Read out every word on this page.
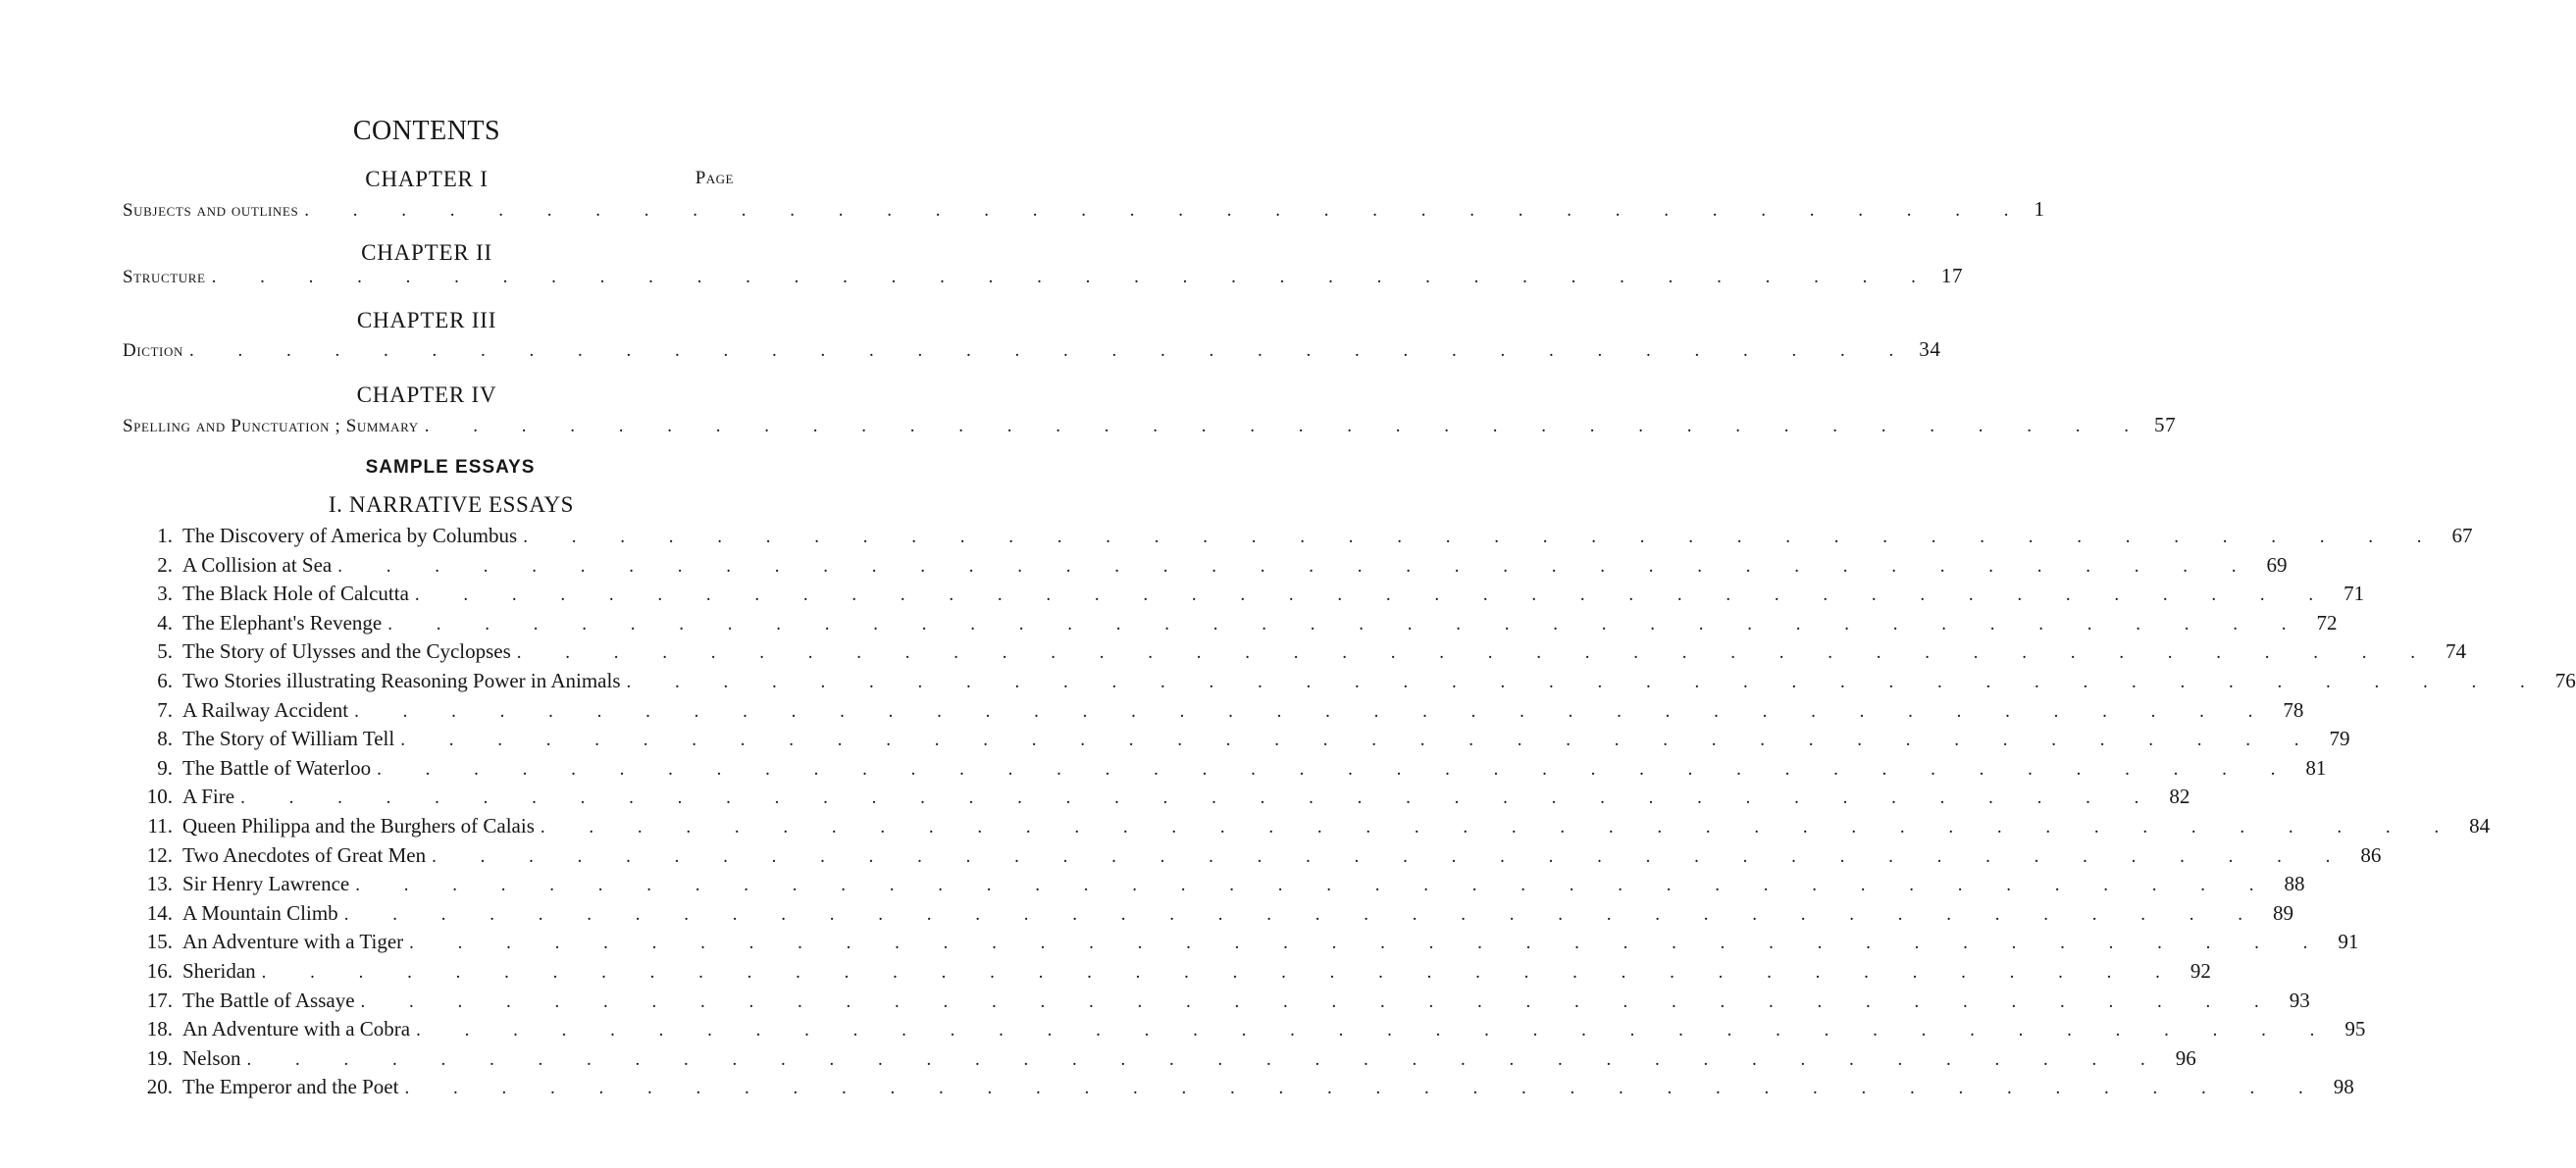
CONTENTS
CHAPTER I	Page
Subjects and outlines . . . . . . . . . . . . . . . . . . . . . . . . . . . . . . . . . . . . 1
CHAPTER II
Structure . . . . . . . . . . . . . . . . . . . . . . . . . . . . . . . . . . . . 17
CHAPTER III
Diction . . . . . . . . . . . . . . . . . . . . . . . . . . . . . . . . . . . . 34
CHAPTER IV
Spelling and Punctuation ; Summary . . . . . . . . . . . . . . . . . . . . . . . . . . . . . . . . . . . . 57
SAMPLE ESSAYS
I. NARRATIVE ESSAYS
1. The Discovery of America by Columbus . . . . . . . . . . . . . . . . . . . . . . . . . . . . . . . . . . . . . . . . 67
2. A Collision at Sea . . . . . . . . . . . . . . . . . . . . . . . . . . . . . . . . . . . . . . . . 69
3. The Black Hole of Calcutta . . . . . . . . . . . . . . . . . . . . . . . . . . . . . . . . . . . . . . . . 71
4. The Elephant's Revenge . . . . . . . . . . . . . . . . . . . . . . . . . . . . . . . . . . . . . . . . 72
5. The Story of Ulysses and the Cyclopses . . . . . . . . . . . . . . . . . . . . . . . . . . . . . . . . . . . . . . . . 74
6. Two Stories illustrating Reasoning Power in Animals . . . . . . . . . . . . . . . . . . . . . . . . . . . . . . . . . . . . . . . . 76
7. A Railway Accident . . . . . . . . . . . . . . . . . . . . . . . . . . . . . . . . . . . . . . . . 78
8. The Story of William Tell . . . . . . . . . . . . . . . . . . . . . . . . . . . . . . . . . . . . . . . . 79
9. The Battle of Waterloo . . . . . . . . . . . . . . . . . . . . . . . . . . . . . . . . . . . . . . . . 81
10. A Fire . . . . . . . . . . . . . . . . . . . . . . . . . . . . . . . . . . . . . . . . 82
11. Queen Philippa and the Burghers of Calais . . . . . . . . . . . . . . . . . . . . . . . . . . . . . . . . . . . . . . . . 84
12. Two Anecdotes of Great Men . . . . . . . . . . . . . . . . . . . . . . . . . . . . . . . . . . . . . . . . 86
13. Sir Henry Lawrence . . . . . . . . . . . . . . . . . . . . . . . . . . . . . . . . . . . . . . . . 88
14. A Mountain Climb . . . . . . . . . . . . . . . . . . . . . . . . . . . . . . . . . . . . . . . . 89
15. An Adventure with a Tiger . . . . . . . . . . . . . . . . . . . . . . . . . . . . . . . . . . . . . . . . 91
16. Sheridan . . . . . . . . . . . . . . . . . . . . . . . . . . . . . . . . . . . . . . . . 92
17. The Battle of Assaye . . . . . . . . . . . . . . . . . . . . . . . . . . . . . . . . . . . . . . . . 93
18. An Adventure with a Cobra . . . . . . . . . . . . . . . . . . . . . . . . . . . . . . . . . . . . . . . . 95
19. Nelson . . . . . . . . . . . . . . . . . . . . . . . . . . . . . . . . . . . . . . . . 96
20. The Emperor and the Poet . . . . . . . . . . . . . . . . . . . . . . . . . . . . . . . . . . . . . . . . 98
